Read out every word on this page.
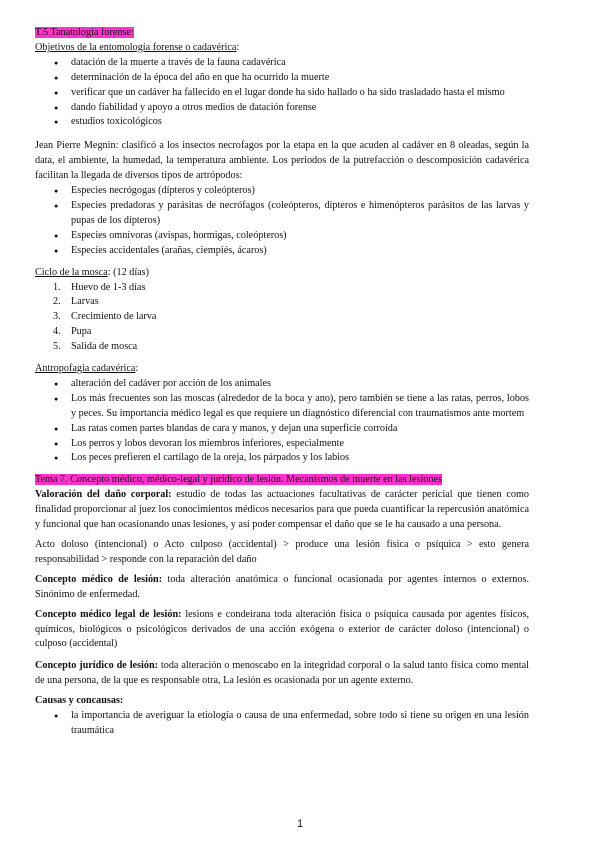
T.5 Tanatología forense:

Objetivos de la entomología forense o cadavérica:

● datación de la muerte a través de la fauna cadavérica
● determinación de la época del año en que ha ocurrido la muerte
● verificar que un cadáver ha fallecido en el lugar donde ha sido hallado o ha sido trasladado hasta el mismo
● dando fiabilidad y apoyo a otros medios de datación forense
● estudios toxicológicos

Jean Pierre Megnin: clasificó a los insectos necrofagos por la etapa en la que acuden al cadáver en 8 oleadas, según la data, el ambiente, la humedad, la temperatura ambiente. Los periodos de la putrefacción o descomposición cadavérica facilitan la llegada de diversos tipos de artrópodos:

● Especies necrógogas (dípteros y coleópteros)
● Especies predadoras y parásitas de necrófagos (coleópteros, dípteros e himenópteros parásitos de las larvas y pupas de los dípteros)
● Especies omnívoras (avispas, hormigas, coleópteros)
● Especies accidentales (arañas, ciempiés, ácaros)

Ciclo de la mosca: (12 días)

1. Huevo de 1-3 días
2. Larvas
3. Crecimiento de larva
4. Pupa
5. Salida de mosca

Antropofagia cadavérica:

● alteración del cadáver por acción de los animales
● Los más frecuentes son las moscas (alrededor de la boca y ano), pero también se tiene a las ratas, perros, lobos y peces. Su importancia médico legal es que requiere un diagnóstico diferencial con traumatismos ante mortem
● Las ratas comen partes blandas de cara y manos, y dejan una superficie corroída
● Los perros y lobos devoran los miembros inferiores, especialmente
● Los peces prefieren el cartílago de la oreja, los párpados y los labios

Tema 7. Concepto médico, médico-legal y jurídico de lesión. Mecanismos de muerte en las lesiones

Valoración del daño corporal: estudio de todas las actuaciones facultativas de carácter pericial que tienen como finalidad proporcionar al juez los conocimientos médicos necesarios para que pueda cuantificar la repercusión anatómica y funcional que han ocasionando unas lesiones, y así poder compensar el daño que se le ha causado a una persona.

Acto doloso (intencional) o Acto culposo (accidental) > produce una lesión física o psíquica > esto genera responsabilidad > responde con la reparación del daño

Concepto médico de lesión: toda alteración anatómica o funcional ocasionada por agentes internos o externos. Sinónimo de enfermedad.

Concepto médico legal de lesión: lesions e condeirana toda alteración física o psíquica causada por agentes físicos, químicos, biológicos o psicológicos derivados de una acción exógena o exterior de carácter doloso (intencional) o culposo (accidental)

Concepto jurídico de lesión: toda alteración o menoscabo en la integridad corporal o la salud tanto física como mental de una persona, de la que es responsable otra, La lesión es ocasionada por un agente externo.

Causas y concausas:

● la importancia de averiguar la etiología o causa de una enfermedad, sobre todo si tiene su origen en una lesión traumática
1
